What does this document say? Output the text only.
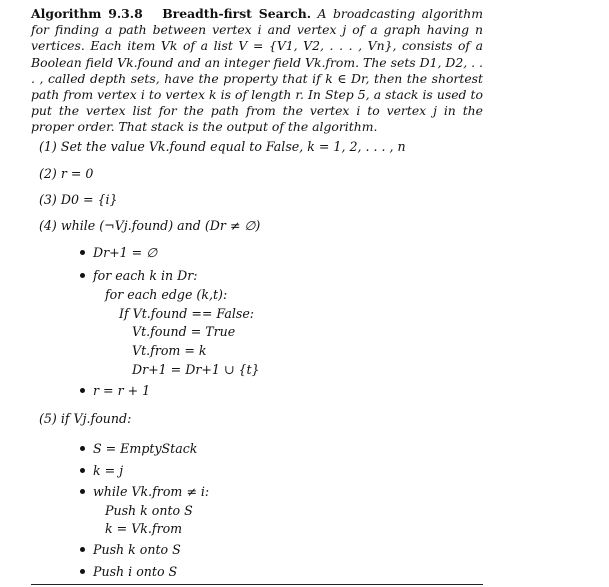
Algorithm 9.3.8 Breadth-first Search. A broadcasting algorithm for finding a path between vertex i and vertex j of a graph having n vertices. Each item Vk of a list V = {V1, V2, . . . , Vn}, consists of a Boolean field Vk.found and an integer field Vk.from. The sets D1, D2, . . . , called depth sets, have the property that if k ∈ Dr, then the shortest path from vertex i to vertex k is of length r. In Step 5, a stack is used to put the vertex list for the path from the vertex i to vertex j in the proper order. That stack is the output of the algorithm.
(1) Set the value Vk.found equal to False, k = 1, 2, . . . , n
(2) r = 0
(3) D0 = {i}
(4) while (¬Vj.found) and (Dr ≠ ∅)
Dr+1 = ∅
for each k in Dr:
for each edge (k,t):
If Vt.found == False:
Vt.found = True
Vt.from = k
Dr+1 = Dr+1 ∪ {t}
r = r + 1
(5) if Vj.found:
S = EmptyStack
k = j
while Vk.from ≠ i:
Push k onto S
k = Vk.from
Push k onto S
Push i onto S
